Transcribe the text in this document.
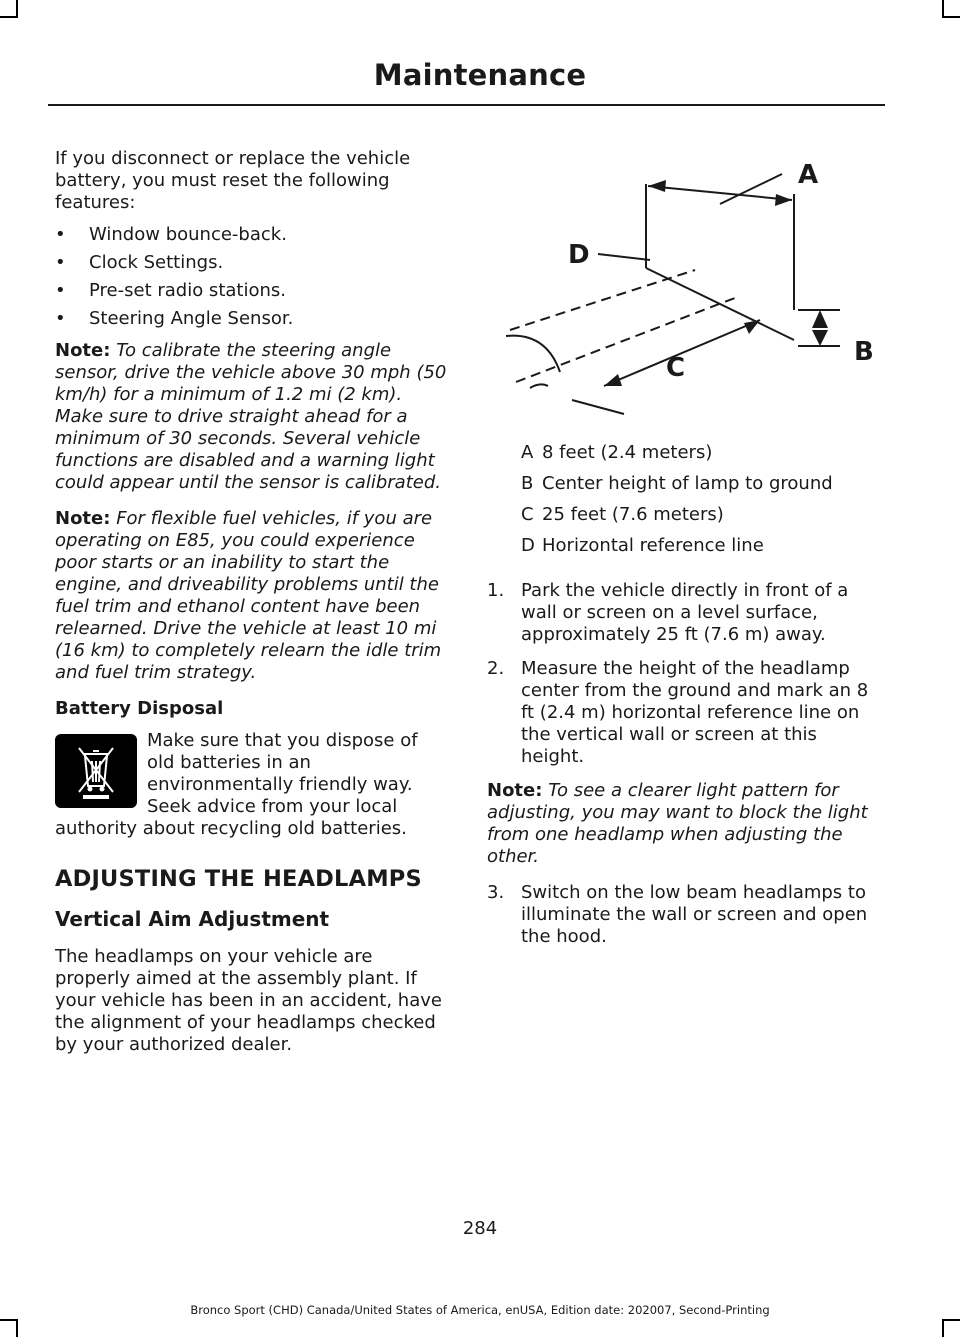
Maintenance

If you disconnect or replace the vehicle battery, you must reset the following features:

• Window bounce-back.
• Clock Settings.
• Pre-set radio stations.
• Steering Angle Sensor.

Note: To calibrate the steering angle sensor, drive the vehicle above 30 mph (50 km/h) for a minimum of 1.2 mi (2 km). Make sure to drive straight ahead for a minimum of 30 seconds. Several vehicle functions are disabled and a warning light could appear until the sensor is calibrated.

Note: For flexible fuel vehicles, if you are operating on E85, you could experience poor starts or an inability to start the engine, and driveability problems until the fuel trim and ethanol content have been relearned. Drive the vehicle at least 10 mi (16 km) to completely relearn the idle trim and fuel trim strategy.

Battery Disposal
Make sure that you dispose of old batteries in an environmentally friendly way. Seek advice from your local authority about recycling old batteries.
ADJUSTING THE HEADLAMPS
Vertical Aim Adjustment

The headlamps on your vehicle are properly aimed at the assembly plant. If your vehicle has been in an accident, have the alignment of your headlamps checked by your authorized dealer.

A
B
C
D
A 8 feet (2.4 meters)
B Center height of lamp to ground
C 25 feet (7.6 meters)
D Horizontal reference line
1. Park the vehicle directly in front of a wall or screen on a level surface, approximately 25 ft (7.6 m) away.
2. Measure the height of the headlamp center from the ground and mark an 8 ft (2.4 m) horizontal reference line on the vertical wall or screen at this height.

Note: To see a clearer light pattern for adjusting, you may want to block the light from one headlamp when adjusting the other.

3. Switch on the low beam headlamps to illuminate the wall or screen and open the hood.
284
Bronco Sport (CHD) Canada/United States of America, enUSA, Edition date: 202007, Second-Printing
